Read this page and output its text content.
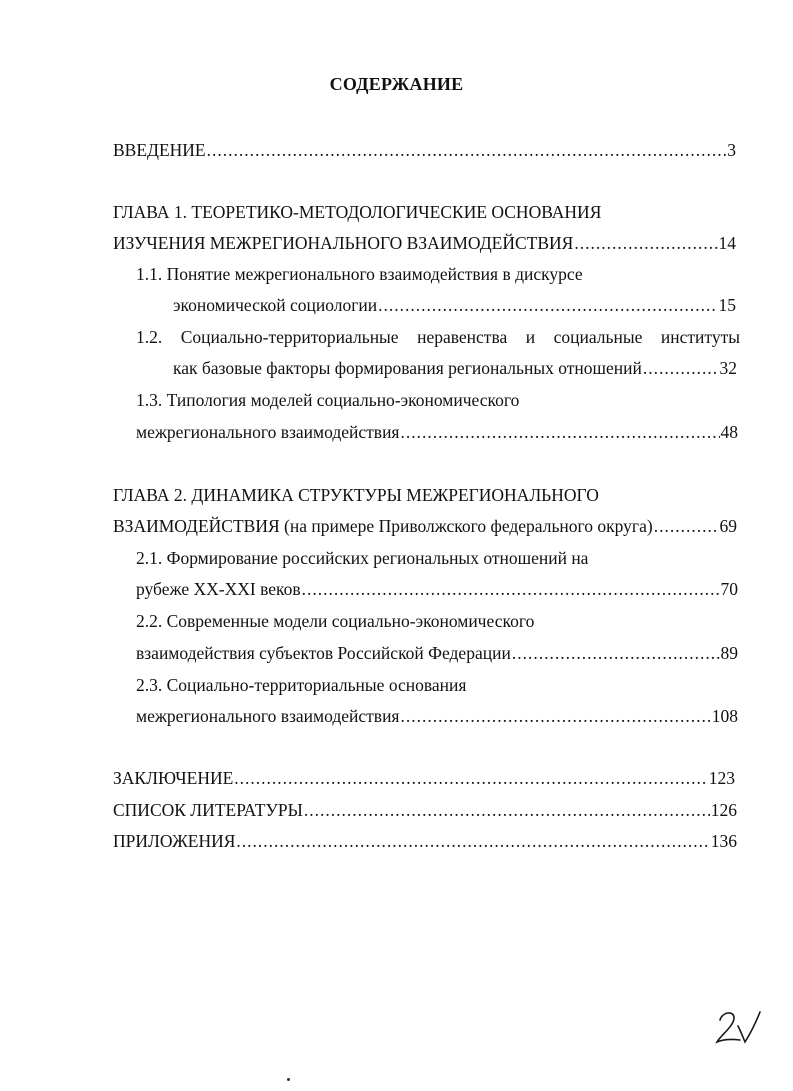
СОДЕРЖАНИЕ
ВВЕДЕНИЕ .....	3
ГЛАВА 1. ТЕОРЕТИКО-МЕТОДОЛОГИЧЕСКИЕ ОСНОВАНИЯ
ИЗУЧЕНИЯ МЕЖРЕГИОНАЛЬНОГО ВЗАИМОДЕЙСТВИЯ .....	14
1.1. Понятие межрегионального взаимодействия в дискурсе
экономической социологии .....	15
1.2. Социально-территориальные неравенства и социальные институты
как базовые факторы формирования региональных отношений .....	32
1.3. Типология моделей социально-экономического
межрегионального взаимодействия .....	48
ГЛАВА 2. ДИНАМИКА СТРУКТУРЫ МЕЖРЕГИОНАЛЬНОГО
ВЗАИМОДЕЙСТВИЯ (на примере Приволжского федерального округа) .....	69
2.1. Формирование российских региональных отношений на
рубеже XX-XXI веков .....	70
2.2. Современные модели социально-экономического
взаимодействия субъектов Российской Федерации .....	89
2.3. Социально-территориальные основания
межрегионального взаимодействия .....	108
ЗАКЛЮЧЕНИЕ .....	123
СПИСОК ЛИТЕРАТУРЫ .....	126
ПРИЛОЖЕНИЯ .....	136
